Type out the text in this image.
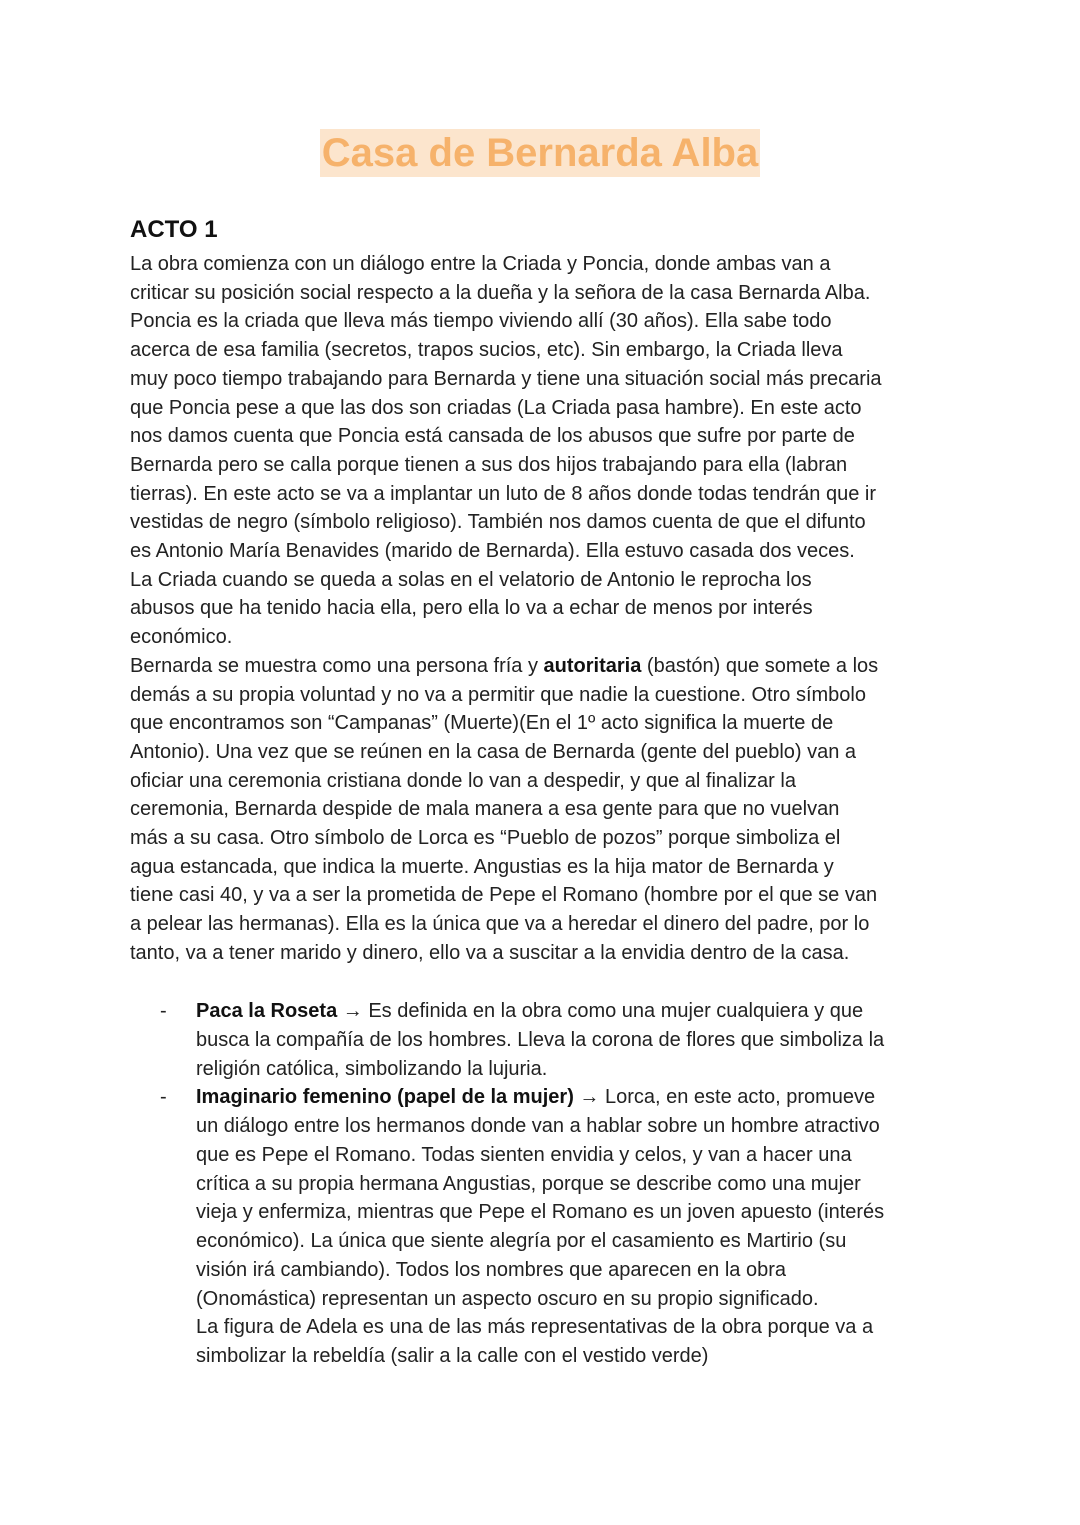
Casa de Bernarda Alba
ACTO 1
La obra comienza con un diálogo entre la Criada y Poncia, donde ambas van a
criticar su posición social respecto a la dueña y la señora de la casa Bernarda Alba.
Poncia es la criada que lleva más tiempo viviendo allí (30 años). Ella sabe todo
acerca de esa familia (secretos, trapos sucios, etc). Sin embargo, la Criada lleva
muy poco tiempo trabajando para Bernarda y tiene una situación social más precaria
que Poncia pese a que las dos son criadas (La Criada pasa hambre). En este acto
nos damos cuenta que Poncia está cansada de los abusos que sufre por parte de
Bernarda pero se calla porque tienen a sus dos hijos trabajando para ella (labran
tierras). En este acto se va a implantar un luto de 8 años donde todas tendrán que ir
vestidas de negro (símbolo religioso). También nos damos cuenta de que el difunto
es Antonio María Benavides (marido de Bernarda). Ella estuvo casada dos veces.
La Criada cuando se queda a solas en el velatorio de Antonio le reprocha los
abusos que ha tenido hacia ella, pero ella lo va a echar de menos por interés
económico.
Bernarda se muestra como una persona fría y autoritaria (bastón) que somete a los
demás a su propia voluntad y no va a permitir que nadie la cuestione. Otro símbolo
que encontramos son “Campanas” (Muerte)(En el 1º acto significa la muerte de
Antonio). Una vez que se reúnen en la casa de Bernarda (gente del pueblo) van a
oficiar una ceremonia cristiana donde lo van a despedir, y que al finalizar la
ceremonia, Bernarda despide de mala manera a esa gente para que no vuelvan
más a su casa. Otro símbolo de Lorca es “Pueblo de pozos” porque simboliza el
agua estancada, que indica la muerte. Angustias es la hija mator de Bernarda y
tiene casi 40, y va a ser la prometida de Pepe el Romano (hombre por el que se van
a pelear las hermanas). Ella es la única que va a heredar el dinero del padre, por lo
tanto, va a tener marido y dinero, ello va a suscitar a la envidia dentro de la casa.
Paca la Roseta → Es definida en la obra como una mujer cualquiera y que
busca la compañía de los hombres. Lleva la corona de flores que simboliza la
religión católica, simbolizando la lujuria.
Imaginario femenino (papel de la mujer) → Lorca, en este acto, promueve
un diálogo entre los hermanos donde van a hablar sobre un hombre atractivo
que es Pepe el Romano. Todas sienten envidia y celos, y van a hacer una
crítica a su propia hermana Angustias, porque se describe como una mujer
vieja y enfermiza, mientras que Pepe el Romano es un joven apuesto (interés
económico). La única que siente alegría por el casamiento es Martirio (su
visión irá cambiando). Todos los nombres que aparecen en la obra
(Onomástica) representan un aspecto oscuro en su propio significado.
La figura de Adela es una de las más representativas de la obra porque va a
simbolizar la rebeldía (salir a la calle con el vestido verde)
-
-
